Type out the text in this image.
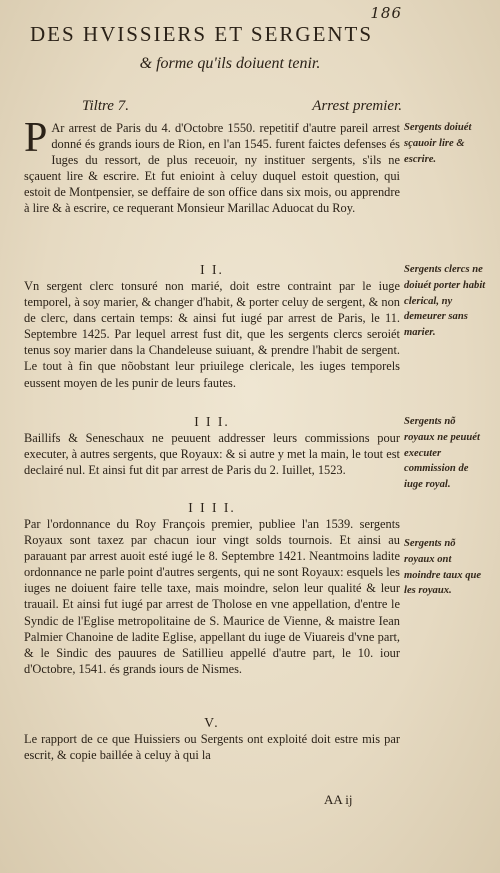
186
DES HVISSIERS ET SERGENTS
& forme qu'ils doiuent tenir.
Tiltre 7.	Arrest premier.
P Ar arrest de Paris du 4. d'Octobre 1550. repetitif d'autre pareil arrest donné és grands iours de Rion, en l'an 1545. furent faictes defenses és Iuges du ressort, de plus receuoir, ny instituer sergents, s'ils ne sçauent lire & escrire. Et fut enioint à celuy duquel estoit question, qui estoit de Montpensier, se deffaire de son office dans six mois, ou apprendre à lire & à escrire, ce requerant Monsieur Marillac Aduocat du Roy.

I I.

Vn sergent clerc tonsuré non marié, doit estre contraint par le iuge temporel, à soy marier, & changer d'habit, & porter celuy de sergent, & non de clerc, dans certain temps: & ainsi fut iugé par arrest de Paris, le 11. Septembre 1425. Par lequel arrest fust dit, que les sergents clercs seroiét tenus soy marier dans la Chandeleuse suiuant, & prendre l'habit de sergent. Le tout à fin que nõobstant leur priuilege clericale, les iuges temporels eussent moyen de les punir de leurs fautes.

I I I.

Baillifs & Seneschaux ne peuuent addresser leurs commissions pour executer, à autres sergents, que Royaux: & si autre y met la main, le tout est declairé nul. Et ainsi fut dit par arrest de Paris du 2. Iuillet, 1523.

I I I I.

Par l'ordonnance du Roy François premier, publiee l'an 1539. sergents Royaux sont taxez par chacun iour vingt solds tournois. Et ainsi au parauant par arrest auoit esté iugé le 8. Septembre 1421. Neantmoins ladite ordonnance ne parle point d'autres sergents, qui ne sont Royaux: esquels les iuges ne doiuent faire telle taxe, mais moindre, selon leur qualité & leur trauail. Et ainsi fut iugé par arrest de Tholose en vne appellation, d'entre le Syndic de l'Eglise metropolitaine de S. Maurice de Vienne, & maistre Iean Palmier Chanoine de ladite Eglise, appellant du iuge de Viuareis d'vne part, & le Sindic des pauures de Satillieu appellé d'autre part, le 10. iour d'Octobre, 1541. és grands iours de Nismes.

V.

Le rapport de ce que Huissiers ou Sergents ont exploité doit estre mis par escrit, & copie baillée à celuy à qui la

Sergents doiuét sçauoir lire & escrire.
Sergents clercs ne doiuét porter habit clerical, ny demeurer sans marier.
Sergents nõ royaux ne peuuét executer commission de iuge royal.
Sergents nõ royaux ont moindre taux que les royaux.
AA ij
